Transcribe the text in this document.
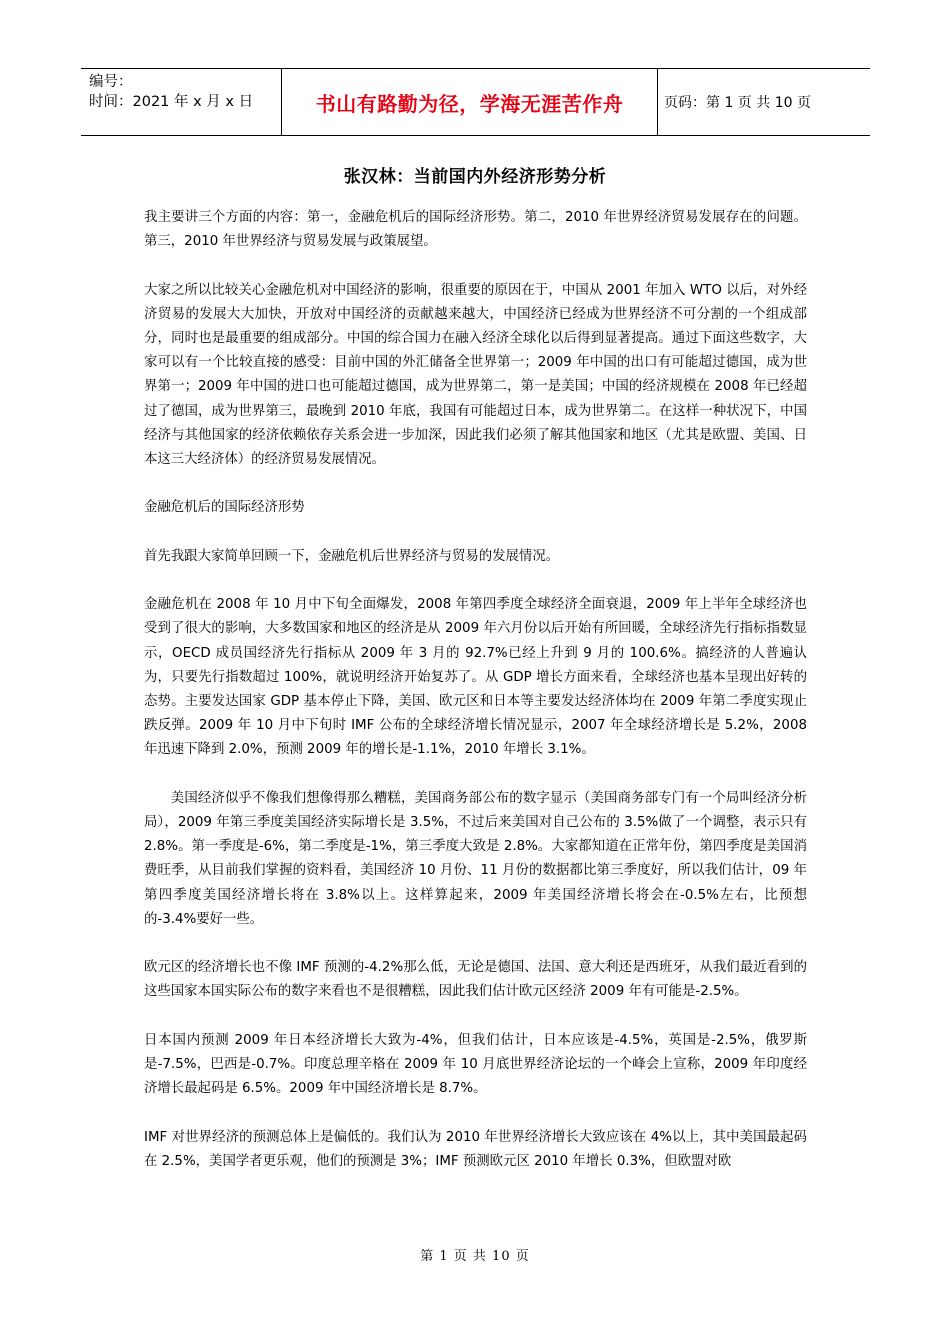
编号：
时间：2021 年 x 月 x 日	书山有路勤为径，学海无涯苦作舟	页码：第 1 页 共 10 页
张汉林：当前国内外经济形势分析

我主要讲三个方面的内容：第一，金融危机后的国际经济形势。第二，2010 年世界经济贸易发展存在的问题。第三，2010 年世界经济与贸易发展与政策展望。

大家之所以比较关心金融危机对中国经济的影响，很重要的原因在于，中国从 2001 年加入 WTO 以后，对外经济贸易的发展大大加快，开放对中国经济的贡献越来越大，中国经济已经成为世界经济不可分割的一个组成部分，同时也是最重要的组成部分。中国的综合国力在融入经济全球化以后得到显著提高。通过下面这些数字，大家可以有一个比较直接的感受：目前中国的外汇储备全世界第一；2009 年中国的出口有可能超过德国，成为世界第一；2009 年中国的进口也可能超过德国，成为世界第二，第一是美国；中国的经济规模在 2008 年已经超过了德国，成为世界第三，最晚到 2010 年底，我国有可能超过日本，成为世界第二。在这样一种状况下，中国经济与其他国家的经济依赖依存关系会进一步加深，因此我们必须了解其他国家和地区（尤其是欧盟、美国、日本这三大经济体）的经济贸易发展情况。

金融危机后的国际经济形势

首先我跟大家简单回顾一下，金融危机后世界经济与贸易的发展情况。

金融危机在 2008 年 10 月中下旬全面爆发，2008 年第四季度全球经济全面衰退，2009 年上半年全球经济也受到了很大的影响，大多数国家和地区的经济是从 2009 年六月份以后开始有所回暖，全球经济先行指标指数显示，OECD 成员国经济先行指标从 2009 年 3 月的 92.7%已经上升到 9 月的 100.6%。搞经济的人普遍认为，只要先行指数超过 100%，就说明经济开始复苏了。从 GDP 增长方面来看，全球经济也基本呈现出好转的态势。主要发达国家 GDP 基本停止下降，美国、欧元区和日本等主要发达经济体均在 2009 年第二季度实现止跌反弹。2009 年 10 月中下旬时 IMF 公布的全球经济增长情况显示，2007 年全球经济增长是 5.2%，2008 年迅速下降到 2.0%，预测 2009 年的增长是-1.1%，2010 年增长 3.1%。

美国经济似乎不像我们想像得那么糟糕，美国商务部公布的数字显示（美国商务部专门有一个局叫经济分析局），2009 年第三季度美国经济实际增长是 3.5%，不过后来美国对自己公布的 3.5%做了一个调整，表示只有 2.8%。第一季度是-6%，第二季度是-1%，第三季度大致是 2.8%。大家都知道在正常年份，第四季度是美国消费旺季，从目前我们掌握的资料看，美国经济 10 月份、11 月份的数据都比第三季度好，所以我们估计，09 年第四季度美国经济增长将在 3.8%以上。这样算起来，2009 年美国经济增长将会在-0.5%左右，比预想的-3.4%要好一些。

欧元区的经济增长也不像 IMF 预测的-4.2%那么低，无论是德国、法国、意大利还是西班牙，从我们最近看到的这些国家本国实际公布的数字来看也不是很糟糕，因此我们估计欧元区经济 2009 年有可能是-2.5%。

日本国内预测 2009 年日本经济增长大致为-4%，但我们估计，日本应该是-4.5%，英国是-2.5%，俄罗斯是-7.5%，巴西是-0.7%。印度总理辛格在 2009 年 10 月底世界经济论坛的一个峰会上宣称，2009 年印度经济增长最起码是 6.5%。2009 年中国经济增长是 8.7%。

IMF 对世界经济的预测总体上是偏低的。我们认为 2010 年世界经济增长大致应该在 4%以上，其中美国最起码在 2.5%，美国学者更乐观，他们的预测是 3%；IMF 预测欧元区 2010 年增长 0.3%，但欧盟对欧

第 1 页 共 10 页
